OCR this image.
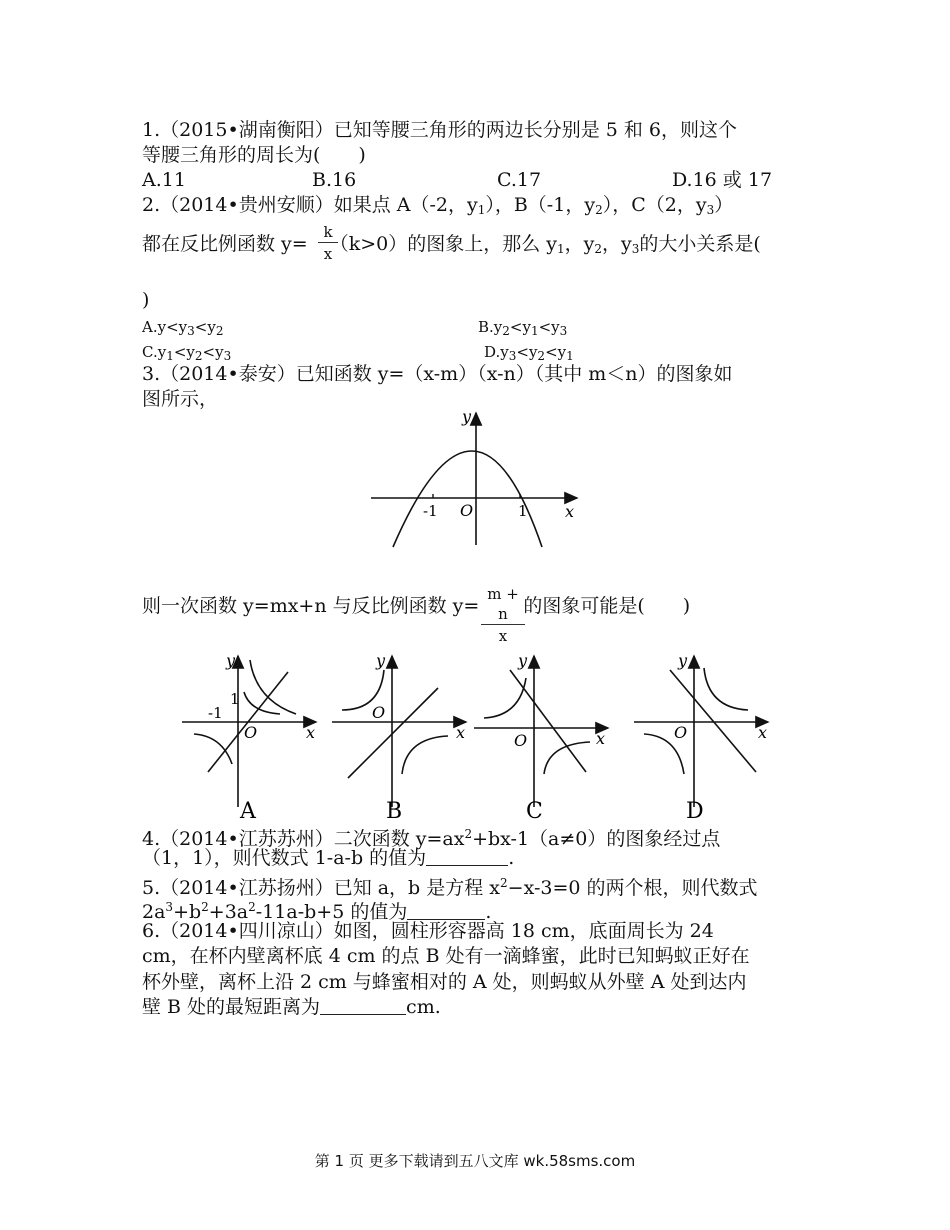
1.（2015•湖南衡阳）已知等腰三角形的两边长分别是 5 和 6，则这个
等腰三角形的周长为(　　)
A.11	B.16	C.17	D.16 或 17
2.（2014•贵州安顺）如果点 A（-2，$y_1$），B（-1，$y_2$），C（2，$y_3$）
都在反比例函数 y= （k>0）的图象上，那么 $y_1$，$y_2$，$y_3$的大小关系是(
$\frac{k}{x}$
)
$A.y<y_3<y_2$	$B.y_2<y_1<y_3$
$C.y_1<y_2<y_3$	$D.y_3<y_2<y_1$
3.（2014•泰安）已知函数 y=（x-m）（x-n）（其中 m＜n）的图象如
图所示，
y
x
O
-1	1
则一次函数 y=mx+n 与反比例函数 y= 的图象可能是(　　)
$\frac{m + n}{x}$
y
x
O
1
-1
A
y
x
O
B
y
x
O
C
y
x
O
D
4.（2014•江苏苏州）二次函数 $y=ax^2+bx-1(a\ne 0)$的图象经过点
（1，1），则代数式 1-a-b 的值为	.
5.（2014•江苏扬州）已知 a，b 是方程 $x^2-x-3=0$ 的两个根，则代数式
$2a^3+b^2+3a^2-11a-b+5$ 的值为	.
6.（2014•四川凉山）如图，圆柱形容器高 18 cm，底面周长为 24
cm，在杯内壁离杯底 4 cm 的点 B 处有一滴蜂蜜，此时已知蚂蚁正好在
杯外壁，离杯上沿 2 cm 与蜂蜜相对的 A 处，则蚂蚁从外壁 A 处到达内
壁 B 处的最短距离为	cm.
第 1 页 更多下载请到五八文库 wk.58sms.com
